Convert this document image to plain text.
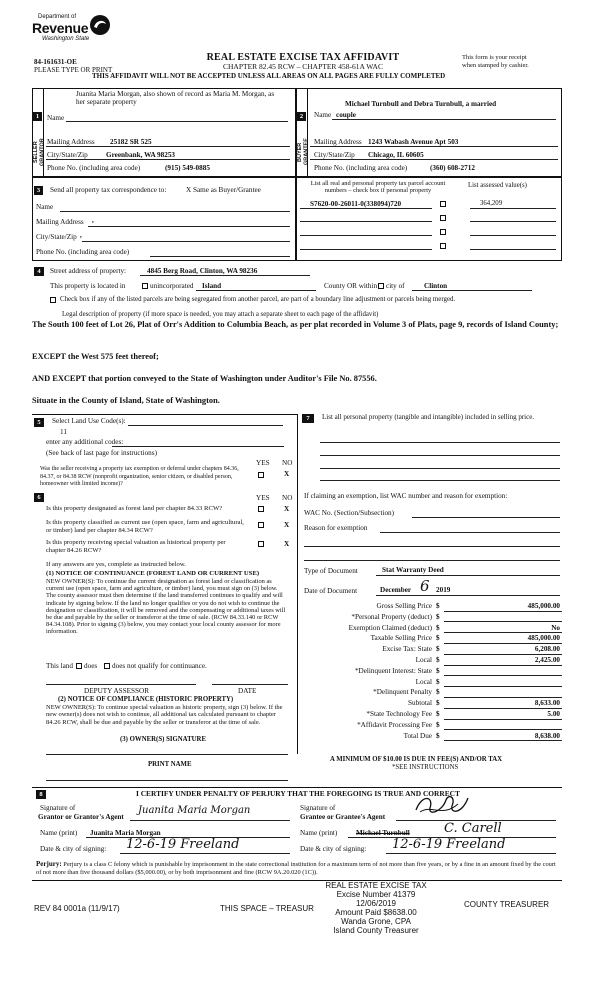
Department of
Revenue
Washington State
84-161631-OE
PLEASE TYPE OR PRINT
REAL ESTATE EXCISE TAX AFFIDAVIT
CHAPTER 82.45 RCW – CHAPTER 458-61A WAC
This form is your receipt
when stamped by cashier.
THIS AFFIDAVIT WILL NOT BE ACCEPTED UNLESS ALL AREAS ON ALL PAGES ARE FULLY COMPLETED
1
SELLER GRANTOR
Juanita Maria Morgan, also shown of record as Maria M. Morgan, as her separate property
Name
Mailing Address 25182 SR 525
City/State/Zip	Greenbank, WA 98253
Phone No. (including area code)	(915) 549-0885
2
BUYER GRANTEE
Michael Turnbull and Debra Turnbull, a married
Name couple
Mailing Address 1243 Wabash Avenue Apt 503
City/State/Zip Chicago, IL 60605
Phone No. (including area code)	(360) 608-2712
3	Send all property tax correspondence to:	X Same as Buyer/Grantee
Name
Mailing Address ,
City/State/Zip ,
Phone No. (including area code)
List all real and personal property tax parcel account
numbers – check box if personal property
List assessed value(s)
S7620-00-26011-0(338094)720	364,209
4	Street address of property:	4845 Berg Road, Clinton, WA 98236
This property is located in	unincorporated Island	County OR within city of	Clinton
Check box if any of the listed parcels are being segregated from another parcel, are part of a boundary line adjustment or parcels being merged.
Legal description of property (if more space is needed, you may attach a separate sheet to each page of the affidavit)
The South 100 feet of Lot 26, Plat of Orr's Addition to Columbia Beach, as per plat recorded in Volume 3 of Plats, page 9, records of Island County;
EXCEPT the West 575 feet thereof;
AND EXCEPT that portion conveyed to the State of Washington under Auditor's File No. 87556.
Situate in the County of Island, State of Washington.
5	Select Land Use Code(s):
11
enter any additional codes:
(See back of last page for instructions)
YES NO
Was the seller receiving a property tax exemption or deferral under chapters 84.36, 84.37, or 84.38 RCW (nonprofit organization, senior citizen, or disabled person, homeowner with limited income)?
X
6	YES NO
Is this property designated as forest land per chapter 84.33 RCW?	X
Is this property classified as current use (open space, farm and agricultural, or timber) land per chapter 84.34 RCW?
X
Is this property receiving special valuation as historical property per chapter 84.26 RCW?
X
If any answers are yes, complete as instructed below.
(1) NOTICE OF CONTINUANCE (FOREST LAND OR CURRENT USE)
NEW OWNER(S): To continue the current designation as forest land or classification as current use (open space, farm and agriculture, or timber) land, you must sign on (3) below. The county assessor must then determine if the land transferred continues to qualify and will indicate by signing below. If the land no longer qualifies or you do not wish to continue the designation or classification, it will be removed and the compensating or additional taxes will be due and payable by the seller or transferor at the time of sale. (RCW 84.33.140 or RCW 84.34.108). Prior to signing (3) below, you may contact your local county assessor for more information.
This land does does not qualify for continuance.
DEPUTY ASSESSOR	DATE
(2) NOTICE OF COMPLIANCE (HISTORIC PROPERTY)
NEW OWNER(S): To continue special valuation as historic property, sign (3) below. If the new owner(s) does not wish to continue, all additional tax calculated pursuant to chapter 84.26 RCW, shall be due and payable by the seller or transferor at the time of sale.
(3) OWNER(S) SIGNATURE
PRINT NAME
7	List all personal property (tangible and intangible) included in selling price.
If claiming an exemption, list WAC number and reason for exemption:
WAC No. (Section/Subsection)
Reason for exemption
Type of Document	Stat Warranty Deed
Date of Document	December 6 2019
Gross Selling Price $	485,000.00
*Personal Property (deduct) $
Exemption Claimed (deduct) $	No
Taxable Selling Price $	485,000.00
Excise Tax: State $	6,208.00
Local $	2,425.00
*Delinquent Interest: State $
Local $
*Delinquent Penalty $
Subtotal $	8,633.00
*State Technology Fee $	5.00
*Affidavit Processing Fee $
Total Due $	8,638.00
A MINIMUM OF $10.00 IS DUE IN FEE(S) AND/OR TAX
*SEE INSTRUCTIONS
8	I CERTIFY UNDER PENALTY OF PERJURY THAT THE FOREGOING IS TRUE AND CORRECT
Signature of
Grantor or Grantor's Agent
Juanita Maria Morgan	Signature of
Grantee or Grantee's Agent
Name (print) Juanita Maria Morgan	Name (print)	Michael Turnbull	C. Carell
Date & city of signing: 12-6-19 Freeland	Date & city of signing: 12-6-19 Freeland
Perjury: Perjury is a class C felony which is punishable by imprisonment in the state correctional institution for a maximum term of not more than five years, or by a fine in an amount fixed by the court of not more than five thousand dollars ($5,000.00), or by both imprisonment and fine (RCW 9A.20.020 (1C)).
REV 84 0001a (11/9/17)	THIS SPACE – TREASUR	COUNTY TREASURER
REAL ESTATE EXCISE TAX
Excise Number 41379
12/06/2019
Amount Paid $8638.00
Wanda Grone, CPA
Island County Treasurer
